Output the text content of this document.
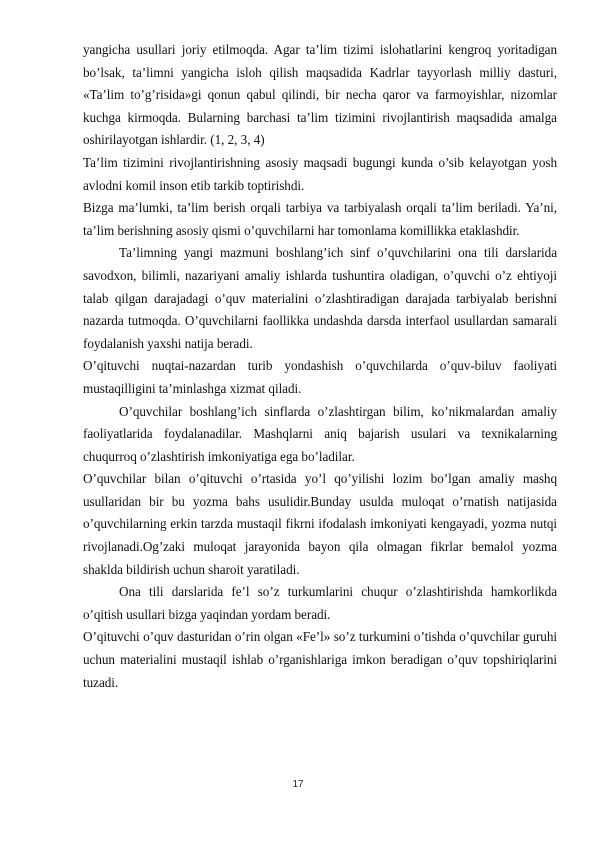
yangicha usullari joriy etilmoqda. Agar ta’lim tizimi islohatlarini kengroq yoritadigan bo’lsak, ta’limni yangicha isloh qilish maqsadida Kadrlar tayyorlash milliy dasturi, «Ta’lim to’g’risida»gi qonun qabul qilindi, bir necha qaror va farmoyishlar, nizomlar kuchga kirmoqda. Bularning barchasi ta’lim tizimini rivojlantirish maqsadida amalga oshirilayotgan ishlardir. (1, 2, 3, 4)

Ta’lim tizimini rivojlantirishning asosiy maqsadi bugungi kunda o’sib kelayotgan yosh avlodni komil inson etib tarkib toptirishdi.

Bizga ma’lumki, ta’lim berish orqali tarbiya va tarbiyalash orqali ta’lim beriladi. Ya’ni, ta’lim berishning asosiy qismi o’quvchilarni har tomonlama komillikka etaklashdir.

Ta’limning yangi mazmuni boshlang’ich sinf o’quvchilarini ona tili darslarida savodxon, bilimli, nazariyani amaliy ishlarda tushuntira oladigan, o’quvchi o’z ehtiyoji talab qilgan darajadagi o’quv materialini o’zlashtiradigan darajada tarbiyalab berishni nazarda tutmoqda. O’quvchilarni faollikka undashda darsda interfaol usullardan samarali foydalanish yaxshi natija beradi.

O’qituvchi nuqtai-nazardan turib yondashish o’quvchilarda o’quv-biluv faoliyati mustaqilligini ta’minlashga xizmat qiladi.

O’quvchilar boshlang’ich sinflarda o’zlashtirgan bilim, ko’nikmalardan amaliy faoliyatlarida foydalanadilar. Mashqlarni aniq bajarish usulari va texnikalarning chuqurroq o’zlashtirish imkoniyatiga ega bo’ladilar.

O’quvchilar bilan o’qituvchi o’rtasida yo’l qo’yilishi lozim bo’lgan amaliy mashq usullaridan bir bu yozma bahs usulidir.Bunday usulda muloqat o’rnatish natijasida o’quvchilarning erkin tarzda mustaqil fikrni ifodalash imkoniyati kengayadi, yozma nutqi rivojlanadi.Og’zaki muloqat jarayonida bayon qila olmagan fikrlar bemalol yozma shaklda bildirish uchun sharoit yaratiladi.

Ona tili darslarida fe’l so’z turkumlarini chuqur o’zlashtirishda hamkorlikda o’qitish usullari bizga yaqindan yordam beradi.

O’qituvchi o’quv dasturidan o’rin olgan «Fe’l» so’z turkumini o’tishda o’quvchilar guruhi uchun materialini mustaqil ishlab o’rganishlariga imkon beradigan o’quv topshiriqlarini tuzadi.

17
